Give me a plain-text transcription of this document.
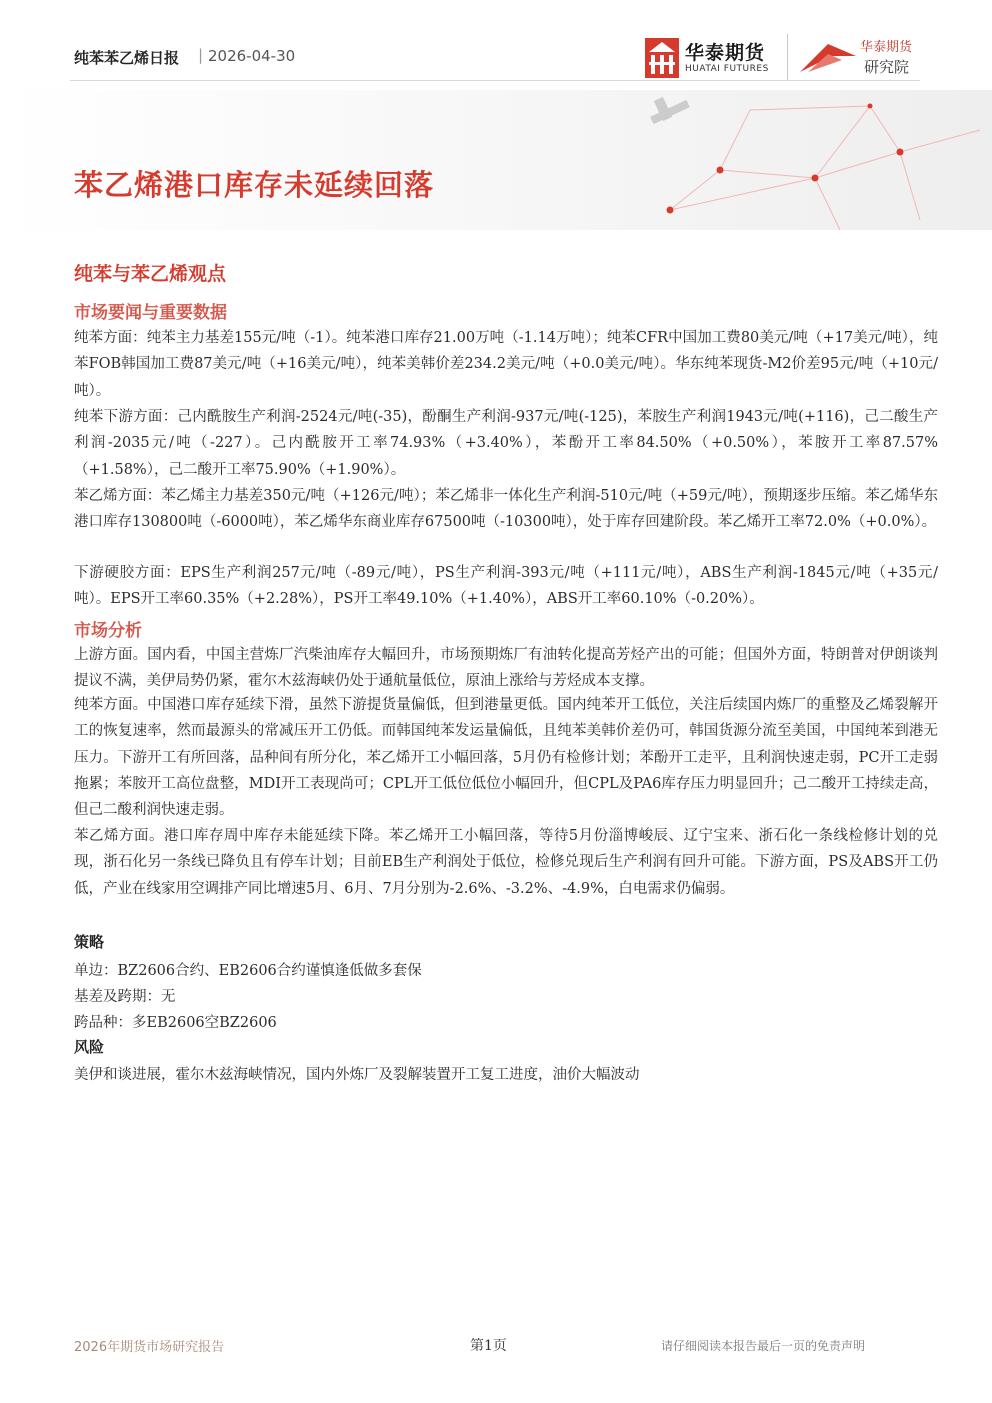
纯苯苯乙烯日报 | 2026-04-30	华泰期货
HUATAI FUTURES
华泰期货
研究院
苯乙烯港口库存未延续回落
纯苯与苯乙烯观点
市场要闻与重要数据

纯苯方面：纯苯主力基差155元/吨（-1）。纯苯港口库存21.00万吨（-1.14万吨）；纯苯CFR中国加工费80美元/吨（+17美元/吨），纯苯FOB韩国加工费87美元/吨（+16美元/吨），纯苯美韩价差234.2美元/吨（+0.0美元/吨）。华东纯苯现货-M2价差95元/吨（+10元/吨）。

纯苯下游方面：己内酰胺生产利润-2524元/吨(-35)，酚酮生产利润-937元/吨(-125)，苯胺生产利润1943元/吨(+116)，己二酸生产利润-2035元/吨（-227）。己内酰胺开工率74.93%（+3.40%），苯酚开工率84.50%（+0.50%），苯胺开工率87.57%（+1.58%），己二酸开工率75.90%（+1.90%）。

苯乙烯方面：苯乙烯主力基差350元/吨（+126元/吨）；苯乙烯非一体化生产利润-510元/吨（+59元/吨），预期逐步压缩。苯乙烯华东港口库存130800吨（-6000吨），苯乙烯华东商业库存67500吨（-10300吨），处于库存回建阶段。苯乙烯开工率72.0%（+0.0%）。

下游硬胶方面：EPS生产利润257元/吨（-89元/吨），PS生产利润-393元/吨（+111元/吨），ABS生产利润-1845元/吨（+35元/吨）。EPS开工率60.35%（+2.28%），PS开工率49.10%（+1.40%），ABS开工率60.10%（-0.20%）。

市场分析

上游方面。国内看，中国主营炼厂汽柴油库存大幅回升，市场预期炼厂有油转化提高芳烃产出的可能；但国外方面，特朗普对伊朗谈判提议不满，美伊局势仍紧，霍尔木兹海峡仍处于通航量低位，原油上涨给与芳烃成本支撑。

纯苯方面。中国港口库存延续下滑，虽然下游提货量偏低，但到港量更低。国内纯苯开工低位，关注后续国内炼厂的重整及乙烯裂解开工的恢复速率，然而最源头的常减压开工仍低。而韩国纯苯发运量偏低，且纯苯美韩价差仍可，韩国货源分流至美国，中国纯苯到港无压力。下游开工有所回落，品种间有所分化，苯乙烯开工小幅回落，5月仍有检修计划；苯酚开工走平，且利润快速走弱，PC开工走弱拖累；苯胺开工高位盘整，MDI开工表现尚可；CPL开工低位低位小幅回升，但CPL及PA6库存压力明显回升；己二酸开工持续走高，但己二酸利润快速走弱。

苯乙烯方面。港口库存周中库存未能延续下降。苯乙烯开工小幅回落，等待5月份淄博峻辰、辽宁宝来、浙石化一条线检修计划的兑现，浙石化另一条线已降负且有停车计划；目前EB生产利润处于低位，检修兑现后生产利润有回升可能。下游方面，PS及ABS开工仍低，产业在线家用空调排产同比增速5月、6月、7月分别为-2.6%、-3.2%、-4.9%，白电需求仍偏弱。

策略
单边：BZ2606合约、EB2606合约谨慎逢低做多套保
基差及跨期：无
跨品种：多EB2606空BZ2606
风险
美伊和谈进展，霍尔木兹海峡情况，国内外炼厂及裂解装置开工复工进度，油价大幅波动
2026年期货市场研究报告	第1页	请仔细阅读本报告最后一页的免责声明
